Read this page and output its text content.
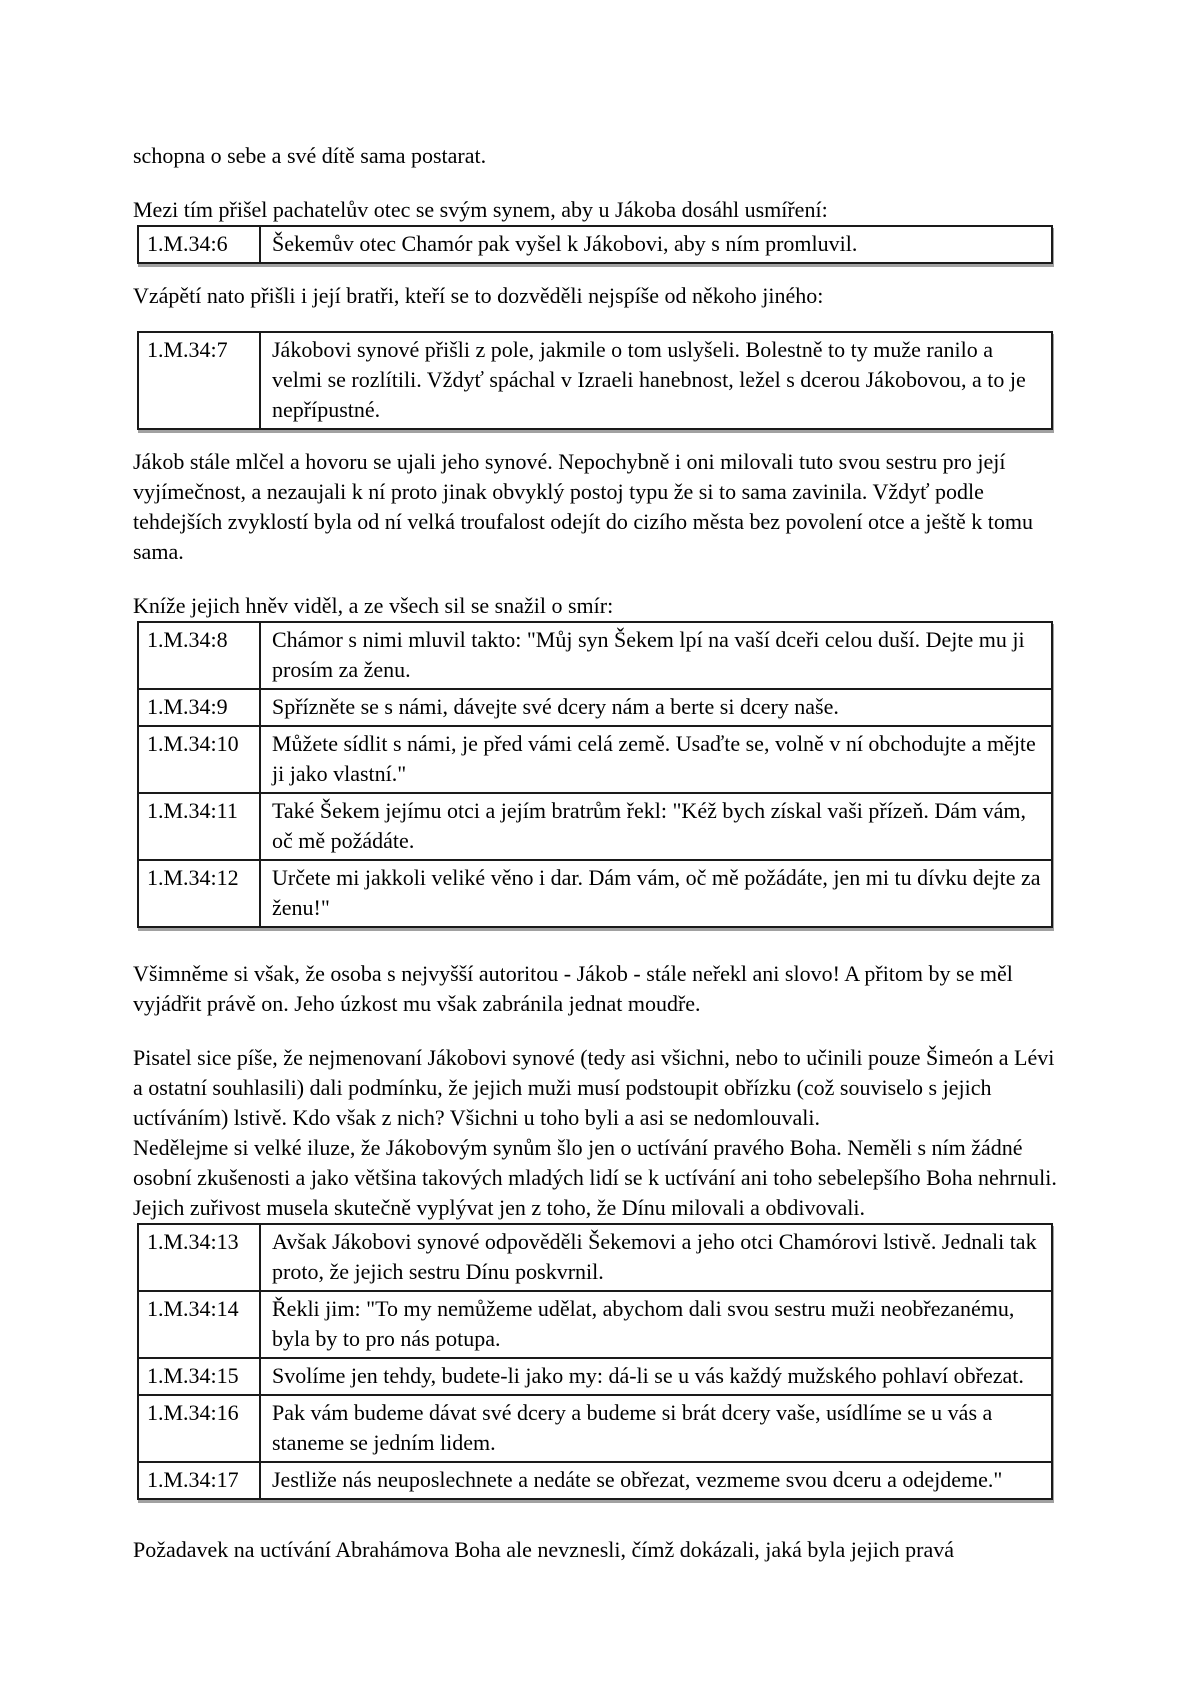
schopna o sebe a své dítě sama postarat.

Mezi tím přišel pachatelův otec se svým synem, aby u Jákoba dosáhl usmíření:

1.M.34:6	Šekemův otec Chamór pak vyšel k Jákobovi, aby s ním promluvil.

Vzápětí nato přišli i její bratři, kteří se to dozvěděli nejspíše od někoho jiného:

1.M.34:7	Jákobovi synové přišli z pole, jakmile o tom uslyšeli. Bolestně to ty muže ranilo a velmi se rozlítili. Vždyť spáchal v Izraeli hanebnost, ležel s dcerou Jákobovou, a to je nepřípustné.

Jákob stále mlčel a hovoru se ujali jeho synové. Nepochybně i oni milovali tuto svou sestru pro její vyjímečnost, a nezaujali k ní proto jinak obvyklý postoj typu že si to sama zavinila. Vždyť podle tehdejších zvyklostí byla od ní velká troufalost odejít do cizího města bez povolení otce a ještě k tomu sama.

Kníže jejich hněv viděl, a ze všech sil se snažil o smír:

1.M.34:8	Chámor s nimi mluvil takto: "Můj syn Šekem lpí na vaší dceři celou duší. Dejte mu ji prosím za ženu.
1.M.34:9	Spřízněte se s námi, dávejte své dcery nám a berte si dcery naše.
1.M.34:10	Můžete sídlit s námi, je před vámi celá země. Usaďte se, volně v ní obchodujte a mějte ji jako vlastní."
1.M.34:11	Také Šekem jejímu otci a jejím bratrům řekl: "Kéž bych získal vaši přízeň. Dám vám, oč mě požádáte.
1.M.34:12	Určete mi jakkoli veliké věno i dar. Dám vám, oč mě požádáte, jen mi tu dívku dejte za ženu!"

Všimněme si však, že osoba s nejvyšší autoritou - Jákob - stále neřekl ani slovo! A přitom by se měl vyjádřit právě on. Jeho úzkost mu však zabránila jednat moudře.

Pisatel sice píše, že nejmenovaní Jákobovi synové (tedy asi všichni, nebo to učinili pouze Šimeón a Lévi a ostatní souhlasili) dali podmínku, že jejich muži musí podstoupit obřízku (což souviselo s jejich uctíváním) lstivě. Kdo však z nich? Všichni u toho byli a asi se nedomlouvali.

Nedělejme si velké iluze, že Jákobovým synům šlo jen o uctívání pravého Boha. Neměli s ním žádné osobní zkušenosti a jako většina takových mladých lidí se k uctívání ani toho sebelepšího Boha nehrnuli. Jejich zuřivost musela skutečně vyplývat jen z toho, že Dínu milovali a obdivovali.

1.M.34:13	Avšak Jákobovi synové odpověděli Šekemovi a jeho otci Chamórovi lstivě. Jednali tak proto, že jejich sestru Dínu poskvrnil.
1.M.34:14	Řekli jim: "To my nemůžeme udělat, abychom dali svou sestru muži neobřezanému, byla by to pro nás potupa.
1.M.34:15	Svolíme jen tehdy, budete-li jako my: dá-li se u vás každý mužského pohlaví obřezat.
1.M.34:16	Pak vám budeme dávat své dcery a budeme si brát dcery vaše, usídlíme se u vás a staneme se jedním lidem.
1.M.34:17	Jestliže nás neuposlechnete a nedáte se obřezat, vezmeme svou dceru a odejdeme."

Požadavek na uctívání Abrahámova Boha ale nevznesli, čímž dokázali, jaká byla jejich pravá
